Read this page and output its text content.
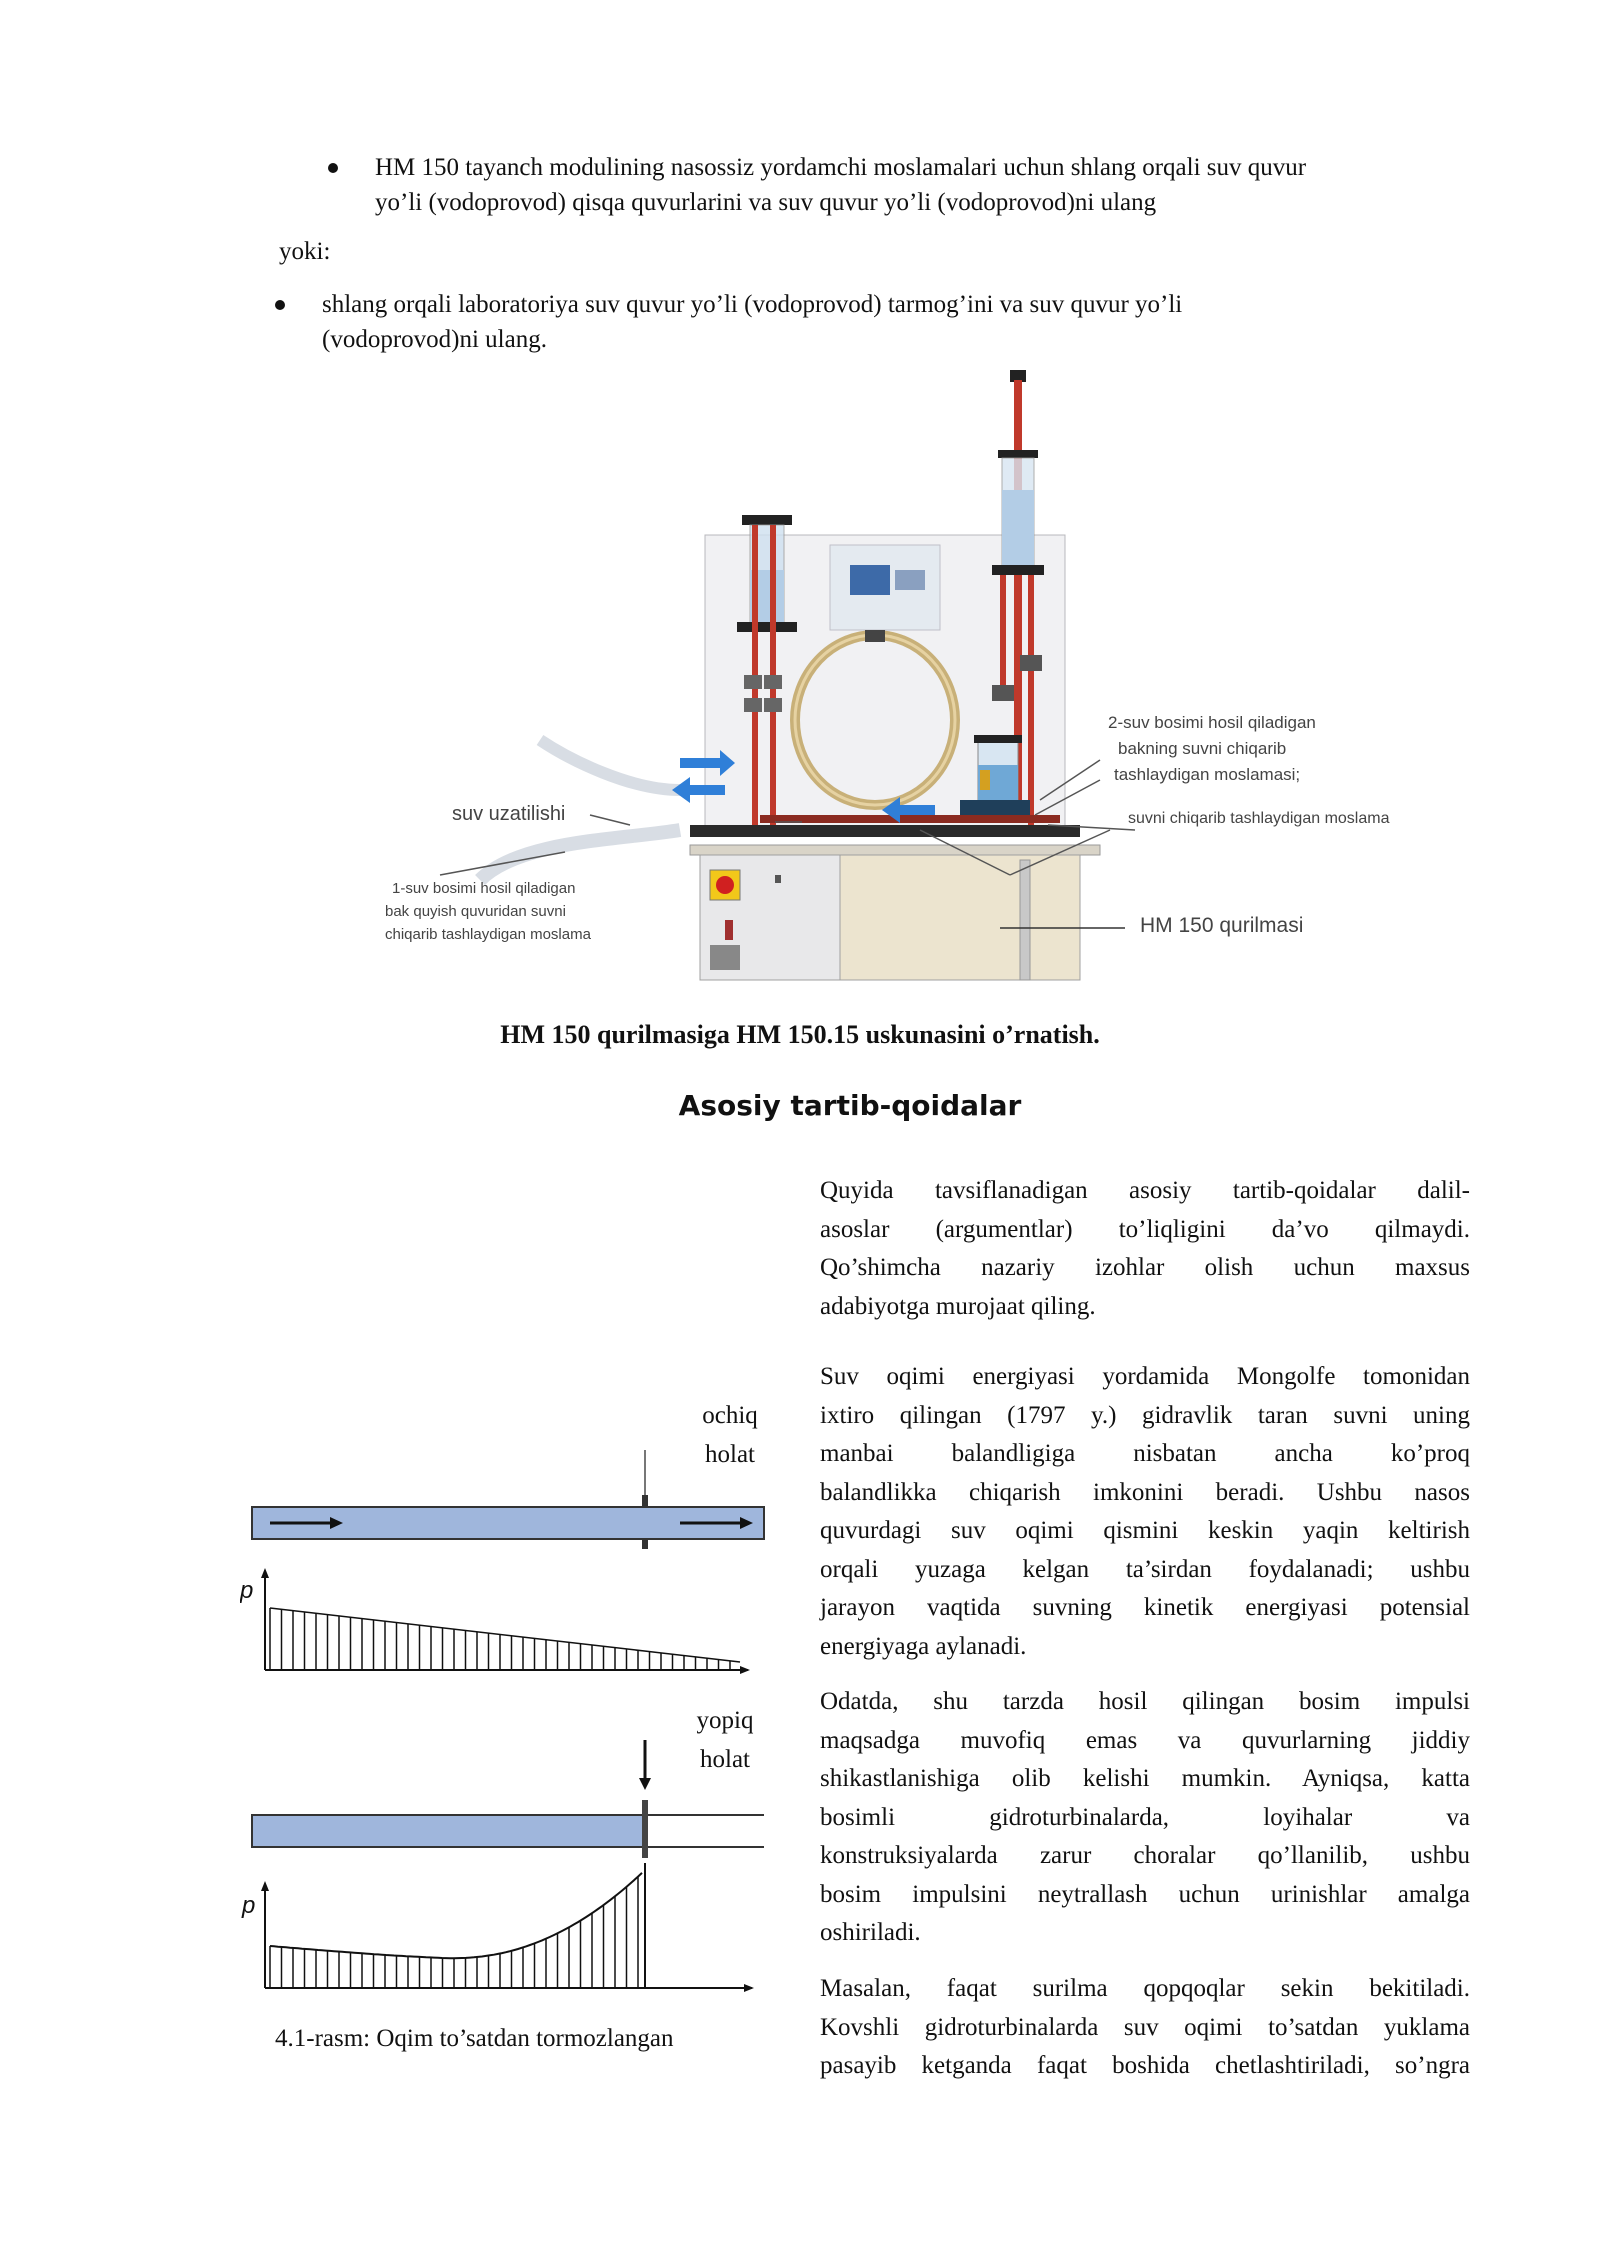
HM 150 tayanch modulining nasossiz yordamchi moslamalari uchun shlang orqali suv quvur
yo’li (vodoprovod) qisqa quvurlarini va suv quvur yo’li (vodoprovod)ni ulang
yoki:
shlang orqali laboratoriya suv quvur yo’li (vodoprovod) tarmog’ini va suv quvur yo’li
(vodoprovod)ni ulang.
2-suv bosimi hosil qiladigan
bakning suvni chiqarib
tashlaydigan moslamasi;
suvni chiqarib tashlaydigan moslama
suv uzatilishi
1-suv bosimi hosil qiladigan
bak quyish quvuridan suvni
chiqarib tashlaydigan moslama	HM 150 qurilmasi
HM 150 qurilmasiga HM 150.15 uskunasini o’rnatish.
Asosiy tartib-qoidalar
ochiq
holat
p
p
yopiq
holat
4.1-rasm: Oqim to’satdan tormozlangan
Quyida tavsiflanadigan asosiy tartib-qoidalar dalil-
asoslar (argumentlar) to’liqligini da’vo qilmaydi.
Qo’shimcha nazariy izohlar olish uchun maxsus
adabiyotga murojaat qiling.
Suv oqimi energiyasi yordamida Mongolfe tomonidan
ixtiro qilingan (1797 y.) gidravlik taran suvni uning
manbai balandligiga nisbatan ancha ko’proq
balandlikka chiqarish imkonini beradi. Ushbu nasos
quvurdagi suv oqimi qismini keskin yaqin keltirish
orqali yuzaga kelgan ta’sirdan foydalanadi; ushbu
jarayon vaqtida suvning kinetik energiyasi potensial
energiyaga aylanadi.
Odatda, shu tarzda hosil qilingan bosim impulsi
maqsadga muvofiq emas va quvurlarning jiddiy
shikastlanishiga olib kelishi mumkin. Ayniqsa, katta
bosimli gidroturbinalarda, loyihalar va
konstruksiyalarda zarur choralar qo’llanilib, ushbu
bosim impulsini neytrallash uchun urinishlar amalga
oshiriladi.
Masalan, faqat surilma qopqoqlar sekin bekitiladi.
Kovshli gidroturbinalarda suv oqimi to’satdan yuklama
pasayib ketganda faqat boshida chetlashtiriladi, so’ngra
